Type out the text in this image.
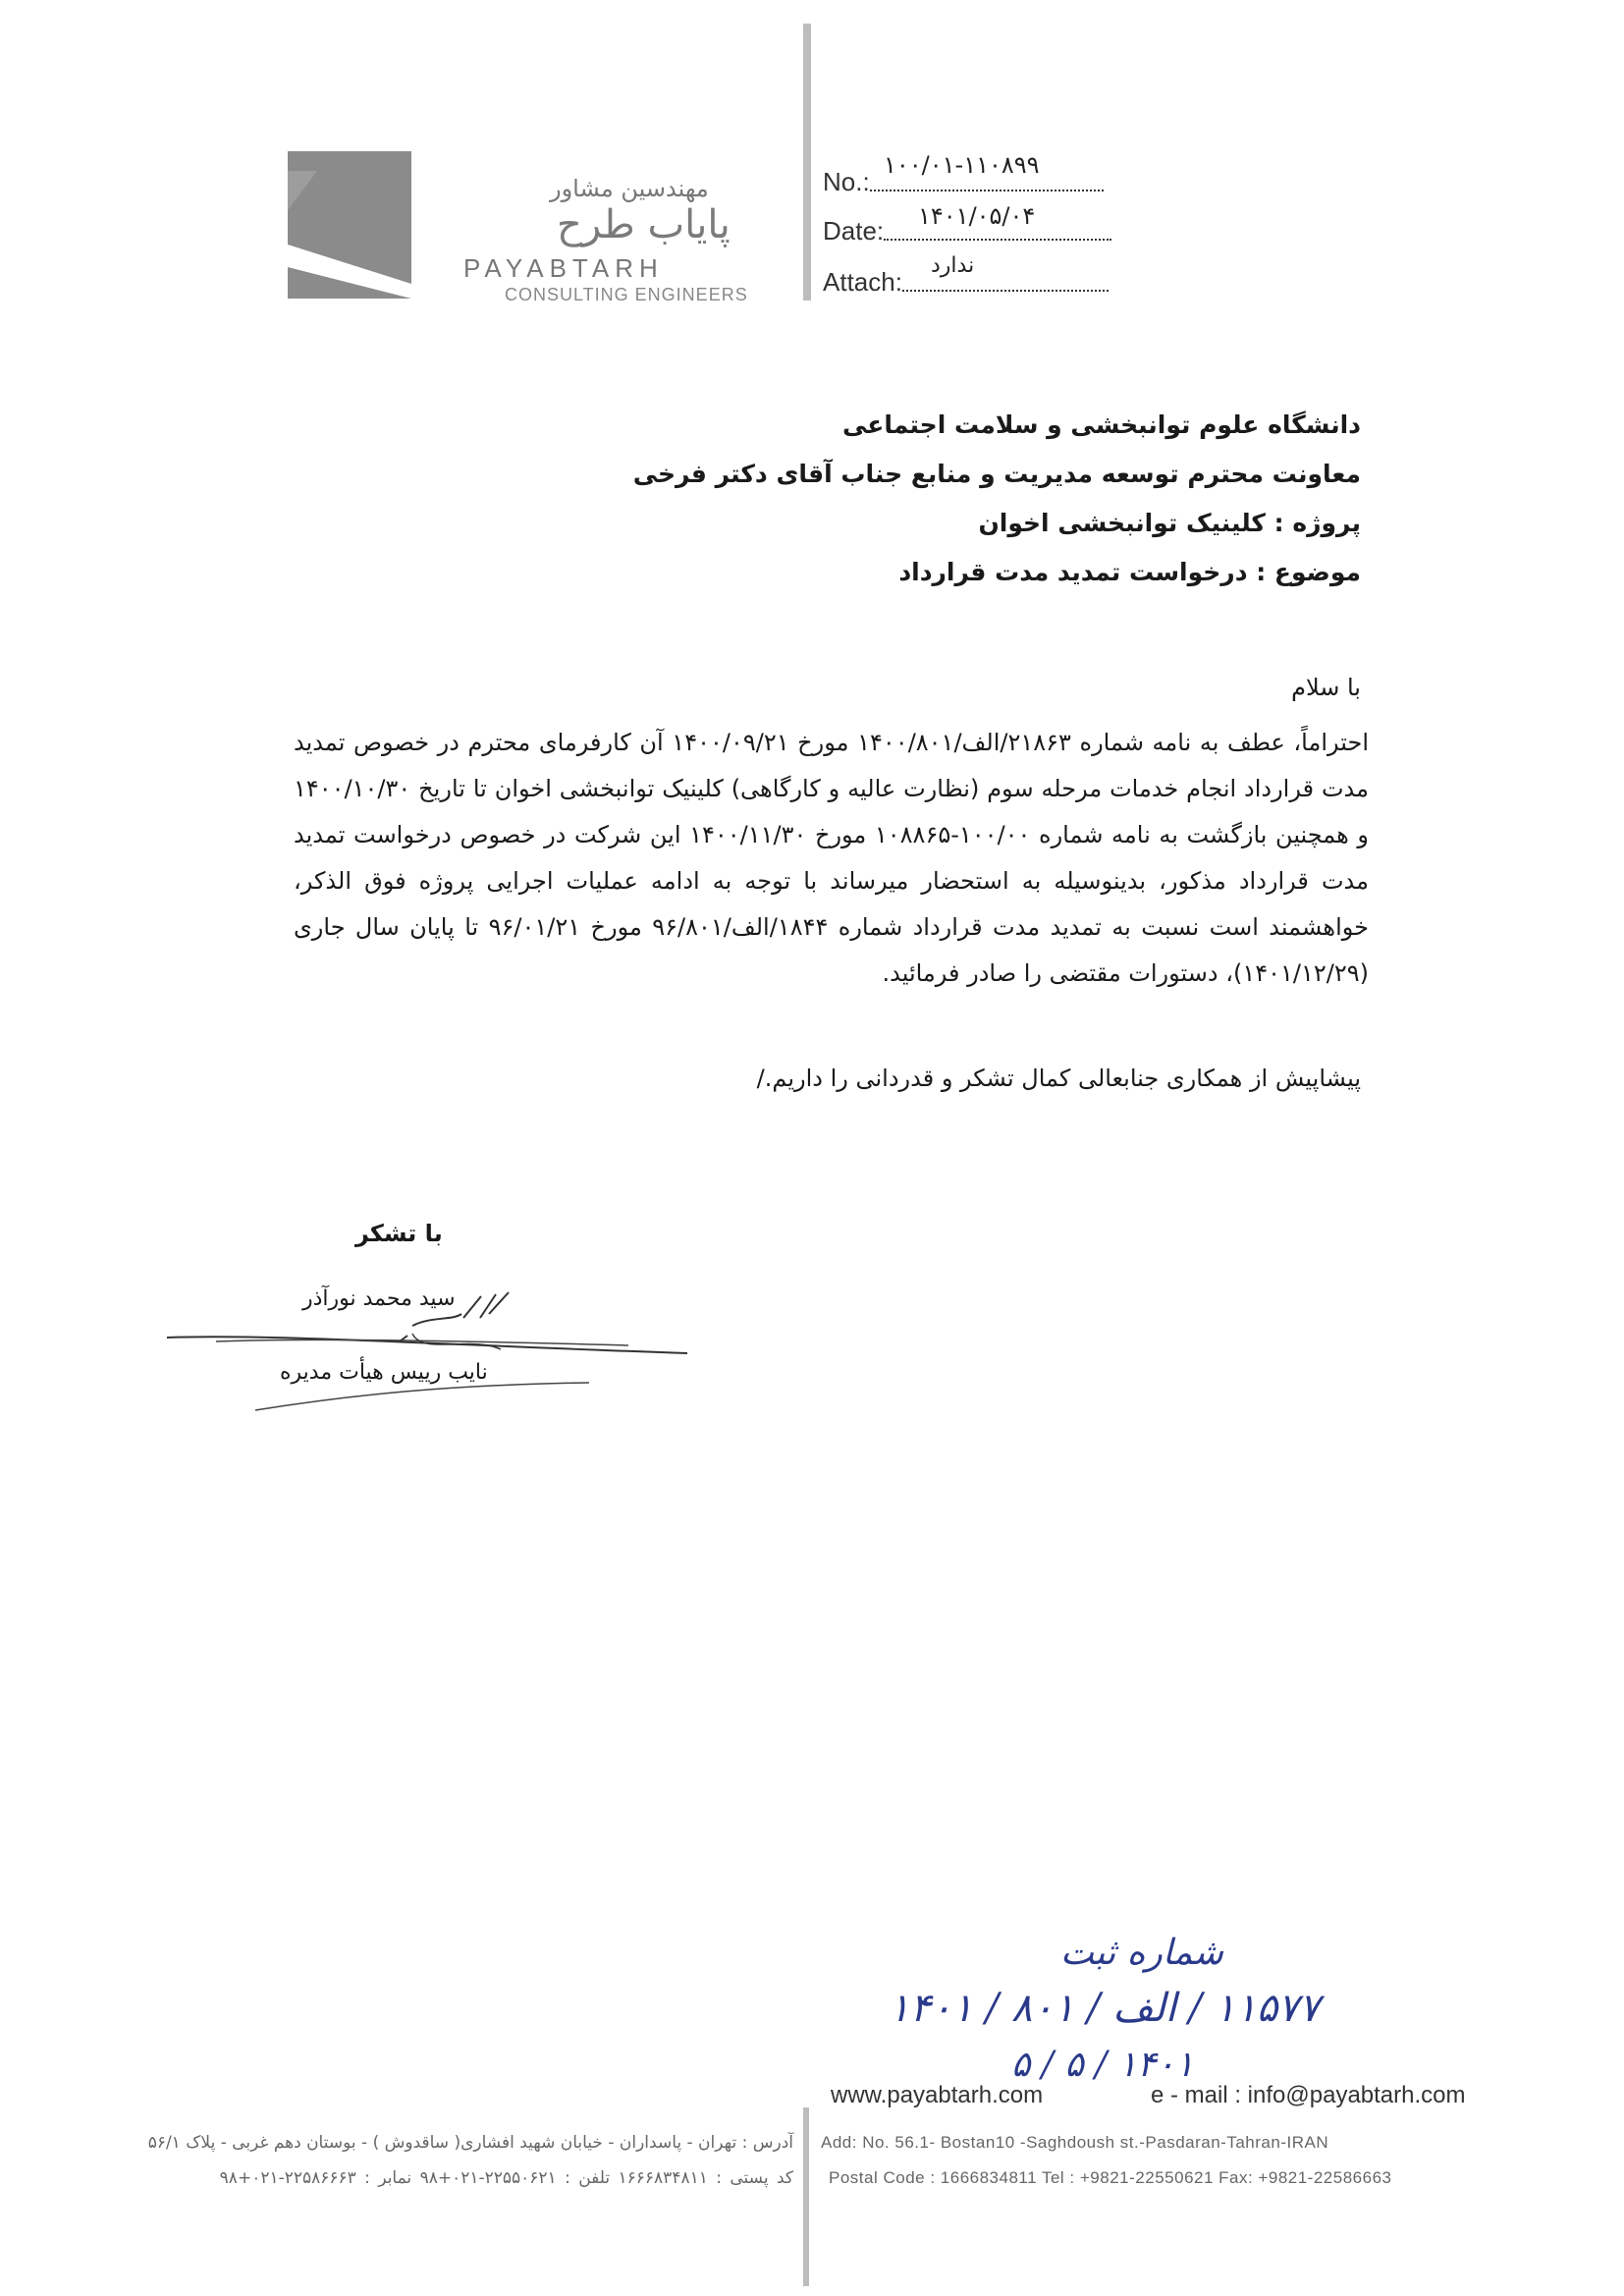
مهندسین مشاور
پایاب طرح
PAYABTARH
CONSULTING ENGINEERS
No.:
۱۰۰/۰۱-۱۱۰۸۹۹
Date:	۱۴۰۱/۰۵/۰۴
Attach:
ندارد
دانشگاه علوم توانبخشی و سلامت اجتماعی
معاونت محترم توسعه مدیریت و منابع جناب آقای دکتر فرخی
پروژه : کلینیک توانبخشی اخوان
موضوع : درخواست تمدید مدت قرارداد
با سلام
احتراماً، عطف به نامه شماره ۲۱۸۶۳/الف/۱۴۰۰/۸۰۱ مورخ ۱۴۰۰/۰۹/۲۱ آن کارفرمای محترم در خصوص تمدید مدت قرارداد انجام خدمات مرحله سوم (نظارت عالیه و کارگاهی) کلینیک توانبخشی اخوان تا تاریخ ۱۴۰۰/۱۰/۳۰ و همچنین بازگشت به نامه شماره ۱۰۰/۰۰-۱۰۸۸۶۵ مورخ ۱۴۰۰/۱۱/۳۰ این شرکت در خصوص درخواست تمدید مدت قرارداد مذکور، بدینوسیله به استحضار میرساند با توجه به ادامه عملیات اجرایی پروژه فوق الذکر، خواهشمند است نسبت به تمدید مدت قرارداد شماره ۱۸۴۴/الف/۹۶/۸۰۱ مورخ ۹۶/۰۱/۲۱ تا پایان سال جاری (۱۴۰۱/۱۲/۲۹)، دستورات مقتضی را صادر فرمائید.
پیشاپیش از همکاری جنابعالی کمال تشکر و قدردانی را داریم./
با تشکر
سید محمد نورآذر
نایب رییس هیأت مدیره
شماره ثبت
۱۱۵۷۷ / الف / ۸۰۱ / ۱۴۰۱
۱۴۰۱ / ۵ / ۵
www.payabtarh.com	e - mail : info@payabtarh.com
آدرس : تهران - پاسداران - خیابان شهید افشاری( ساقدوش ) - بوستان دهم غربی - پلاک ۵۶/۱
کد پستی : ۱۶۶۶۸۳۴۸۱۱ تلفن : ۲۲۵۵۰۶۲۱-۰۲۱+۹۸ نمابر : ۲۲۵۸۶۶۶۳-۰۲۱+۹۸
Add: No. 56.1- Bostan10 -Saghdoush st.-Pasdaran-Tahran-IRAN
Postal Code : 1666834811 Tel : +9821-22550621 Fax: +9821-22586663
